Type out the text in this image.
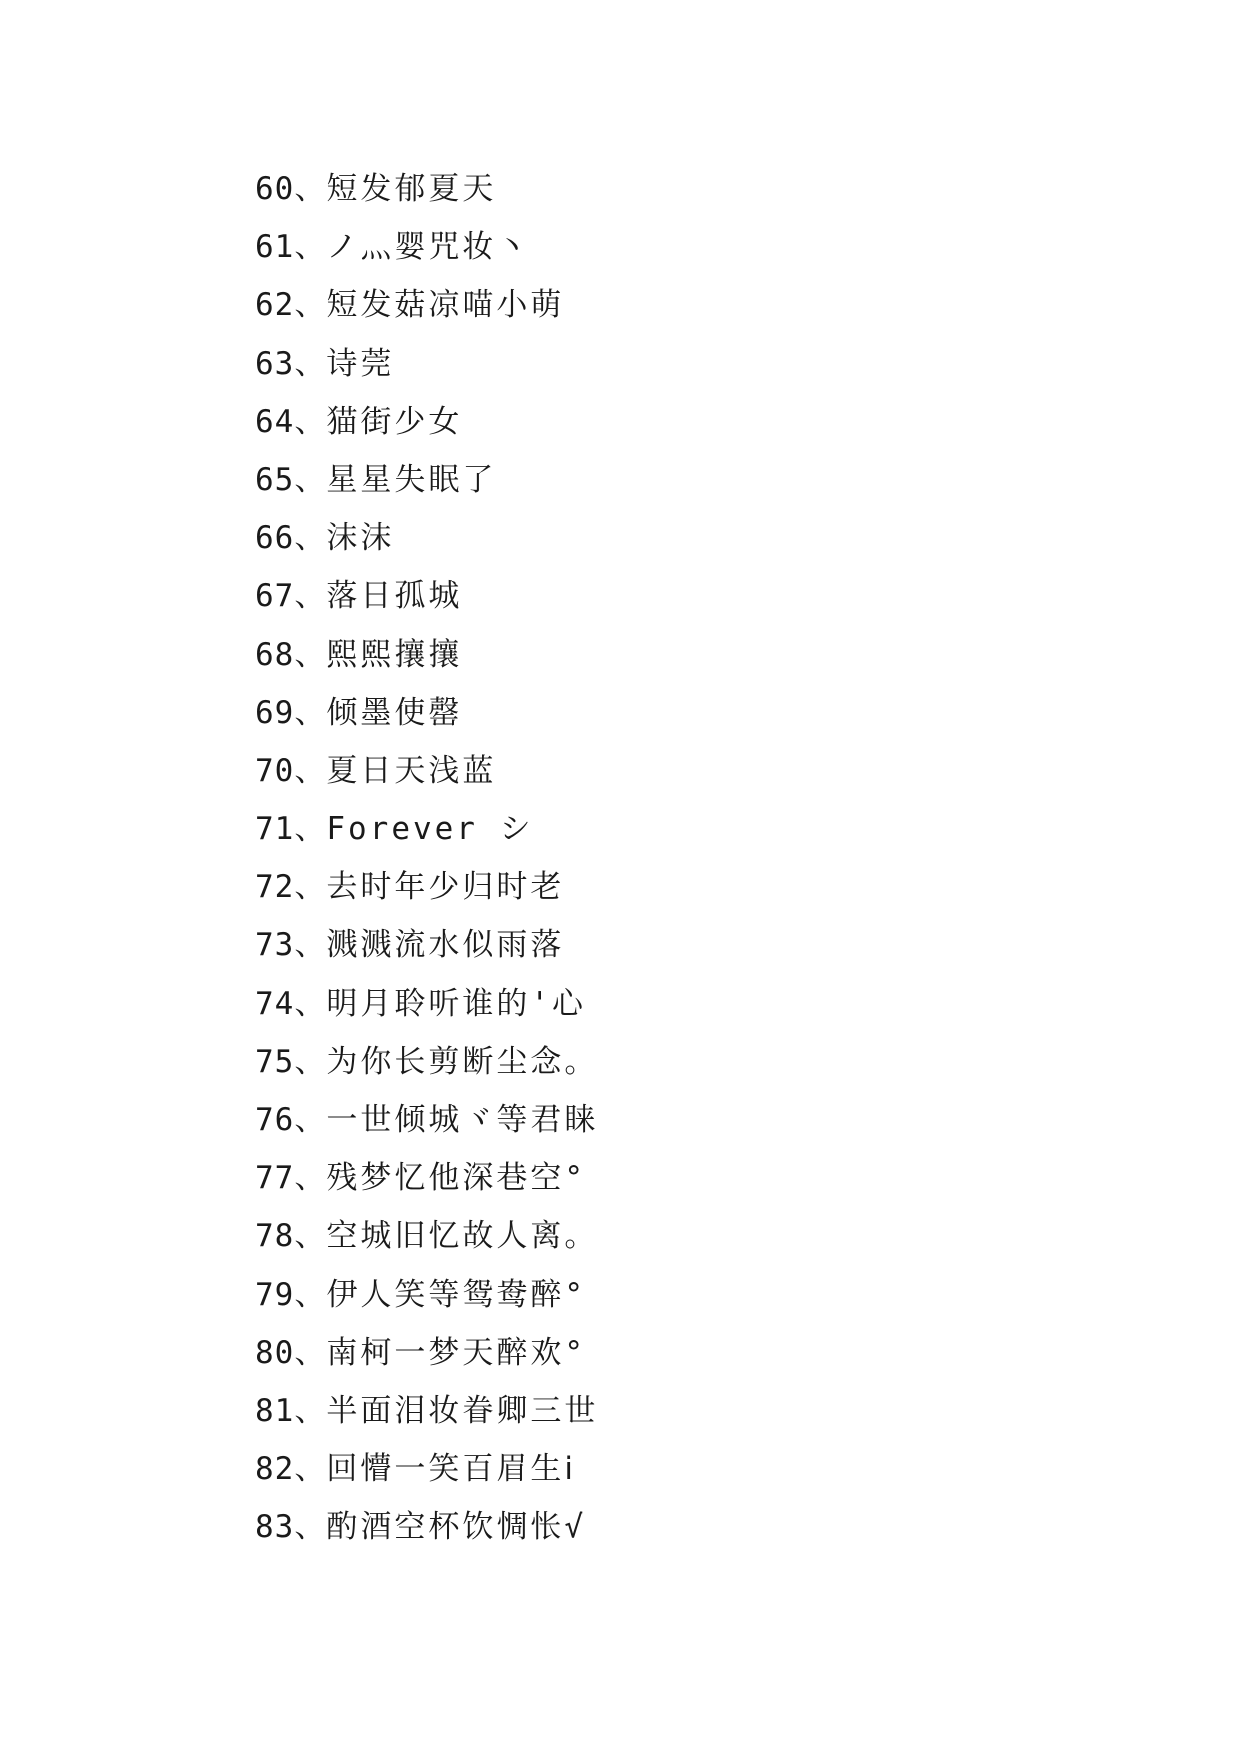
60、短发郁夏天
61、ノ灬婴咒妆丶
62、短发菇凉喵小萌
63、诗莞
64、猫街少女
65、星星失眠了
66、沫沫
67、落日孤城
68、熙熙攘攘
69、倾墨使罄
70、夏日天浅蓝
71、Forever シ
72、去时年少归时老
73、溅溅流水似雨落
74、明月聆听谁的'心
75、为你长剪断尘念。
76、一世倾城ヾ等君睐
77、残梦忆他深巷空°
78、空城旧忆故人离。
79、伊人笑等鸳鸯醉°
80、南柯一梦天醉欢°
81、半面泪妆眷卿三世
82、回懵一笑百眉生ⅰ
83、酌酒空杯饮惆怅√
